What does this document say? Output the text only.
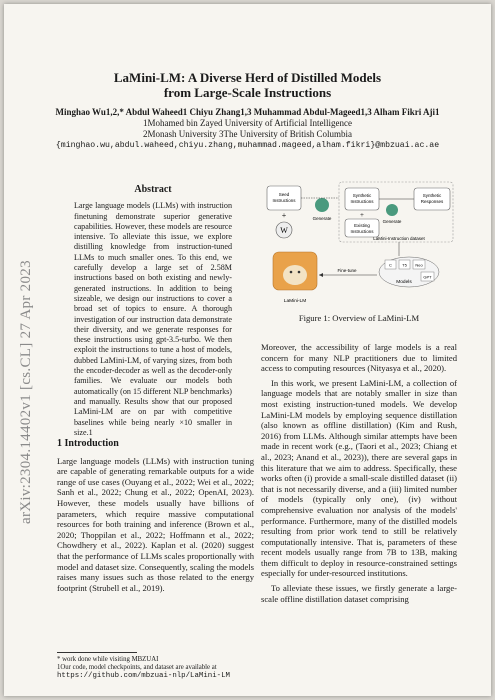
arXiv:2304.14402v1 [cs.CL] 27 Apr 2023
LaMini-LM: A Diverse Herd of Distilled Models
from Large-Scale Instructions
Minghao Wu1,2,* Abdul Waheed1 Chiyu Zhang1,3 Muhammad Abdul-Mageed1,3 Alham Fikri Aji1
1Mohamed bin Zayed University of Artificial Intelligence
2Monash University 3The University of British Columbia
{minghao.wu,abdul.waheed,chiyu.zhang,muhammad.mageed,alham.fikri}@mbzuai.ac.ae
Abstract
Large language models (LLMs) with instruction finetuning demonstrate superior generative capabilities. However, these models are resource intensive. To alleviate this issue, we explore distilling knowledge from instruction-tuned LLMs to much smaller ones. To this end, we carefully develop a large set of 2.58M instructions based on both existing and newly-generated instructions. In addition to being sizeable, we design our instructions to cover a broad set of topics to ensure. A thorough investigation of our instruction data demonstrate their diversity, and we generate responses for these instructions using gpt-3.5-turbo. We then exploit the instructions to tune a host of models, dubbed LaMini-LM, of varying sizes, from both the encoder-decoder as well as the decoder-only families. We evaluate our models both automatically (on 15 different NLP benchmarks) and manually. Results show that our proposed LaMini-LM are on par with competitive baselines while being nearly ×10 smaller in size.1
1 Introduction
Large language models (LLMs) with instruction tuning are capable of generating remarkable outputs for a wide range of use cases (Ouyang et al., 2022; Wei et al., 2022; Sanh et al., 2022; Chung et al., 2022; OpenAI, 2023). However, these models usually have billions of parameters, which require massive computational resources for both training and inference (Brown et al., 2020; Thoppilan et al., 2022; Hoffmann et al., 2022; Chowdhery et al., 2022). Kaplan et al. (2020) suggest that the performance of LLMs scales proportionally with model and dataset size. Consequently, scaling the models raises many issues such as those related to the energy footprint (Strubell et al., 2019).
* work done while visiting MBZUAI
1Our code, model checkpoints, and dataset are available at
https://github.com/mbzuai-nlp/LaMini-LM
Seed
Instructions
+
W
Generate
Synthetic
Instructions
+
Existing
Instructions
Generate
Synthetic
Responses
LaMini-Instruction dataset
LaMini-LM
Fine-tune
C	T5 Neo
GPT
Models
Figure 1: Overview of LaMini-LM

Moreover, the accessibility of large models is a real concern for many NLP practitioners due to limited access to computing resources (Nityasya et al., 2020).

In this work, we present LaMini-LM, a collection of language models that are notably smaller in size than most existing instruction-tuned models. We develop LaMini-LM models by employing sequence distillation (also known as offline distillation) (Kim and Rush, 2016) from LLMs. Although similar attempts have been made in recent work (e.g., (Taori et al., 2023; Chiang et al., 2023; Anand et al., 2023)), there are several gaps in this literature that we aim to address. Specifically, these works often (i) provide a small-scale distilled dataset (ii) that is not necessarily diverse, and a (iii) limited number of models (typically only one), (iv) without comprehensive evaluation nor analysis of the models' performance. Furthermore, many of the distilled models resulting from prior work tend to still be relatively computationally intensive. That is, parameters of these recent models usually range from 7B to 13B, making them difficult to deploy in resource-constrained settings especially for under-resourced institutions.

To alleviate these issues, we firstly generate a large-scale offline distillation dataset comprising
